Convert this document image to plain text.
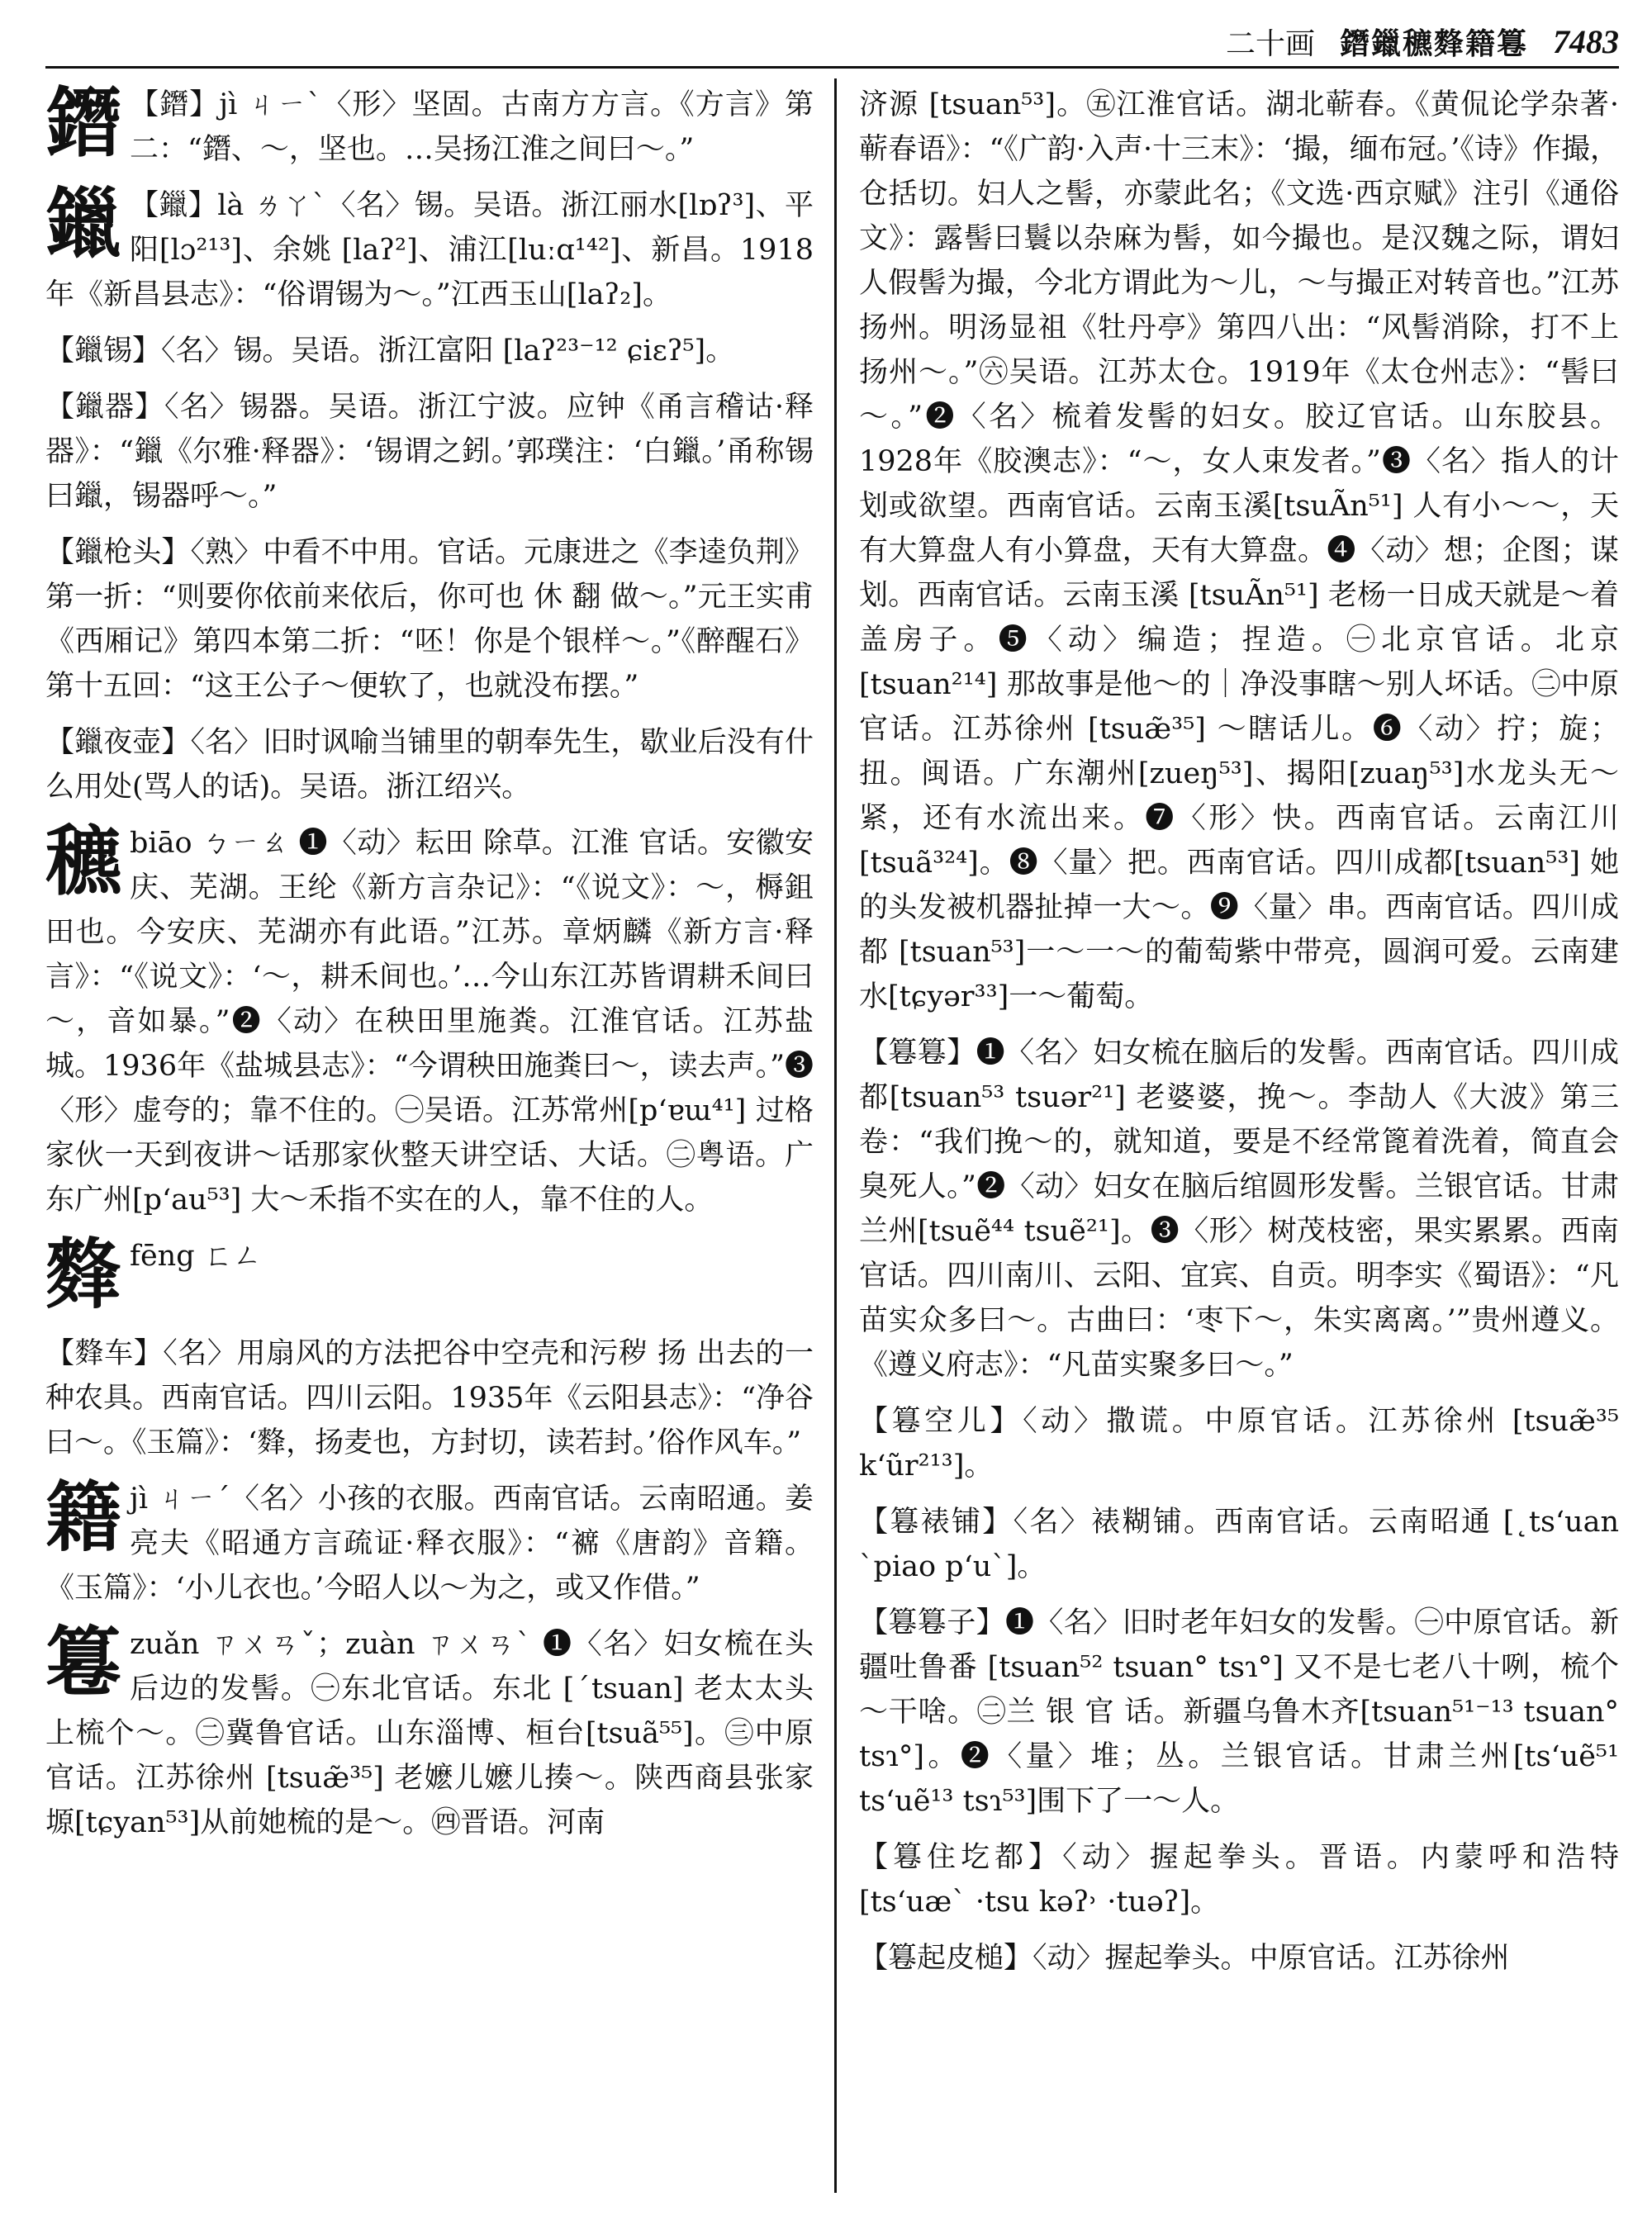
二十画 鐕鑞穮䴶籍篹 7483
鐕 【鐕】jì ㄐㄧˋ〈形〉坚固。古南方方言。《方言》第二：“鐕、～，坚也。…吴扬江淮之间曰～。”
鑞 【鑞】là ㄌㄚˋ〈名〉锡。吴语。浙江丽水[lɒʔ³]、平阳[lɔ²¹³]、余姚 [laʔ²]、浦江[luːɑ¹⁴²]、新昌。1918年《新昌县志》：“俗谓锡为～。”江西玉山[laʔ₂]。
【鑞锡】〈名〉锡。吴语。浙江富阳 [laʔ²³⁻¹² ɕiɛʔ⁵]。
【鑞器】〈名〉锡器。吴语。浙江宁波。应钟《甬言稽诂·释器》：“鑞《尔雅·释器》：‘锡谓之鈏。’郭璞注：‘白鑞。’甬称锡曰鑞，锡器呼～。”
【鑞枪头】〈熟〉中看不中用。官话。元康进之《李逵负荆》第一折：“则要你依前来依后，你可也 休 翻 做～。”元王实甫《西厢记》第四本第二折：“呸！你是个银样～。”《醉醒石》第十五回：“这王公子～便软了，也就没布摆。”
【鑞夜壶】〈名〉旧时讽喻当铺里的朝奉先生，歇业后没有什么用处(骂人的话)。吴语。浙江绍兴。
穮 biāo ㄅㄧㄠ ❶〈动〉耘田 除草。江淮 官话。安徽安庆、芜湖。王纶《新方言杂记》：“《说文》：～，槈鉏田也。今安庆、芜湖亦有此语。”江苏。章炳麟《新方言·释言》：“《说文》：‘～，耕禾间也。’…今山东江苏皆谓耕禾间曰～，音如暴。”❷〈动〉在秧田里施粪。江淮官话。江苏盐城。1936年《盐城县志》：“今谓秧田施粪曰～，读去声。”❸〈形〉虚夸的；靠不住的。㊀吴语。江苏常州[pʻɐɯ⁴¹] 过格家伙一天到夜讲～话那家伙整天讲空话、大话。㊁粤语。广东广州[pʻau⁵³] 大～禾指不实在的人，靠不住的人。
䴶 fēng ㄈㄥ
【䴶车】〈名〉用扇风的方法把谷中空壳和污秽 扬 出去的一种农具。西南官话。四川云阳。1935年《云阳县志》：“净谷曰～。《玉篇》：‘䴶，扬麦也，方封切，读若封。’俗作风车。”
籍 jì ㄐㄧˊ〈名〉小孩的衣服。西南官话。云南昭通。姜亮夫《昭通方言疏证·释衣服》：“褯《唐韵》音籍。《玉篇》：‘小儿衣也。’今昭人以～为之，或又作借。”
篹 zuǎn ㄗㄨㄢˇ；zuàn ㄗㄨㄢˋ ❶〈名〉妇女梳在头后边的发髻。㊀东北官话。东北 [ˊtsuan] 老太太头上梳个～。㊁冀鲁官话。山东淄博、桓台[tsuã⁵⁵]。㊂中原官话。江苏徐州 [tsuæ̃³⁵] 老嬷儿嬷儿揍～。陕西商县张家塬[tɕyan⁵³]从前她梳的是～。㊃晋语。河南
济源 [tsuan⁵³]。㊄江淮官话。湖北蕲春。《黄侃论学杂著·蕲春语》：“《广韵·入声·十三末》：‘撮，缅布冠。’《诗》作撮，仓括切。妇人之髻，亦蒙此名；《文选·西京赋》注引《通俗文》：露髻曰鬟以杂麻为髻，如今撮也。是汉魏之际，谓妇人假髻为撮，今北方谓此为～儿，～与撮正对转音也。”江苏扬州。明汤显祖《牡丹亭》第四八出：“风髻消除，打不上扬州～。”㊅吴语。江苏太仓。1919年《太仓州志》：“髻曰～。”❷〈名〉梳着发髻的妇女。胶辽官话。山东胶县。1928年《胶澳志》：“～，女人束发者。”❸〈名〉指人的计划或欲望。西南官话。云南玉溪[tsuÃn⁵¹] 人有小～～，天有大算盘人有小算盘，天有大算盘。❹〈动〉想；企图；谋划。西南官话。云南玉溪 [tsuÃn⁵¹] 老杨一日成天就是～着盖房子。❺〈动〉编造；捏造。㊀北京官话。北京[tsuan²¹⁴] 那故事是他～的｜净没事瞎～别人坏话。㊁中原官话。江苏徐州 [tsuæ̃³⁵] ～瞎话儿。❻〈动〉拧；旋；扭。闽语。广东潮州[zueŋ⁵³]、揭阳[zuaŋ⁵³]水龙头无～紧，还有水流出来。❼〈形〉快。西南官话。云南江川[tsuã³²⁴]。❽〈量〉把。西南官话。四川成都[tsuan⁵³] 她的头发被机器扯掉一大～。❾〈量〉串。西南官话。四川成都 [tsuan⁵³]一～一～的葡萄紫中带亮，圆润可爱。云南建水[tɕyər³³]一～葡萄。
【篹篹】❶〈名〉妇女梳在脑后的发髻。西南官话。四川成都[tsuan⁵³ tsuər²¹] 老婆婆，挽～。李劼人《大波》第三卷：“我们挽～的，就知道，要是不经常篦着洗着，简直会臭死人。”❷〈动〉妇女在脑后绾圆形发髻。兰银官话。甘肃兰州[tsuẽ⁴⁴ tsuẽ²¹]。❸〈形〉树茂枝密，果实累累。西南官话。四川南川、云阳、宜宾、自贡。明李实《蜀语》：“凡苗实众多曰～。古曲曰：‘枣下～，朱实离离。’”贵州遵义。《遵义府志》：“凡苗实聚多曰～。”
【篹空儿】〈动〉撒谎。中原官话。江苏徐州 [tsuæ̃³⁵ kʻũr²¹³]。
【篹裱铺】〈名〉裱糊铺。西南官话。云南昭通 [˛tsʻuan ˋpiao pʻuˋ]。
【篹篹子】❶〈名〉旧时老年妇女的发髻。㊀中原官话。新疆吐鲁番 [tsuan⁵² tsuan° tsɿ°] 又不是七老八十咧，梳个～干啥。㊁兰 银 官 话。新疆乌鲁木齐[tsuan⁵¹⁻¹³ tsuan° tsɿ°]。❷〈量〉堆；丛。兰银官话。甘肃兰州[tsʻuẽ⁵¹ tsʻuẽ¹³ tsɿ⁵³]围下了一～人。
【篹住圪都】〈动〉握起拳头。晋语。内蒙呼和浩特 [tsʻuæˋ ·tsu kəʔ˒ ·tuəʔ]。
【篹起皮槌】〈动〉握起拳头。中原官话。江苏徐州
